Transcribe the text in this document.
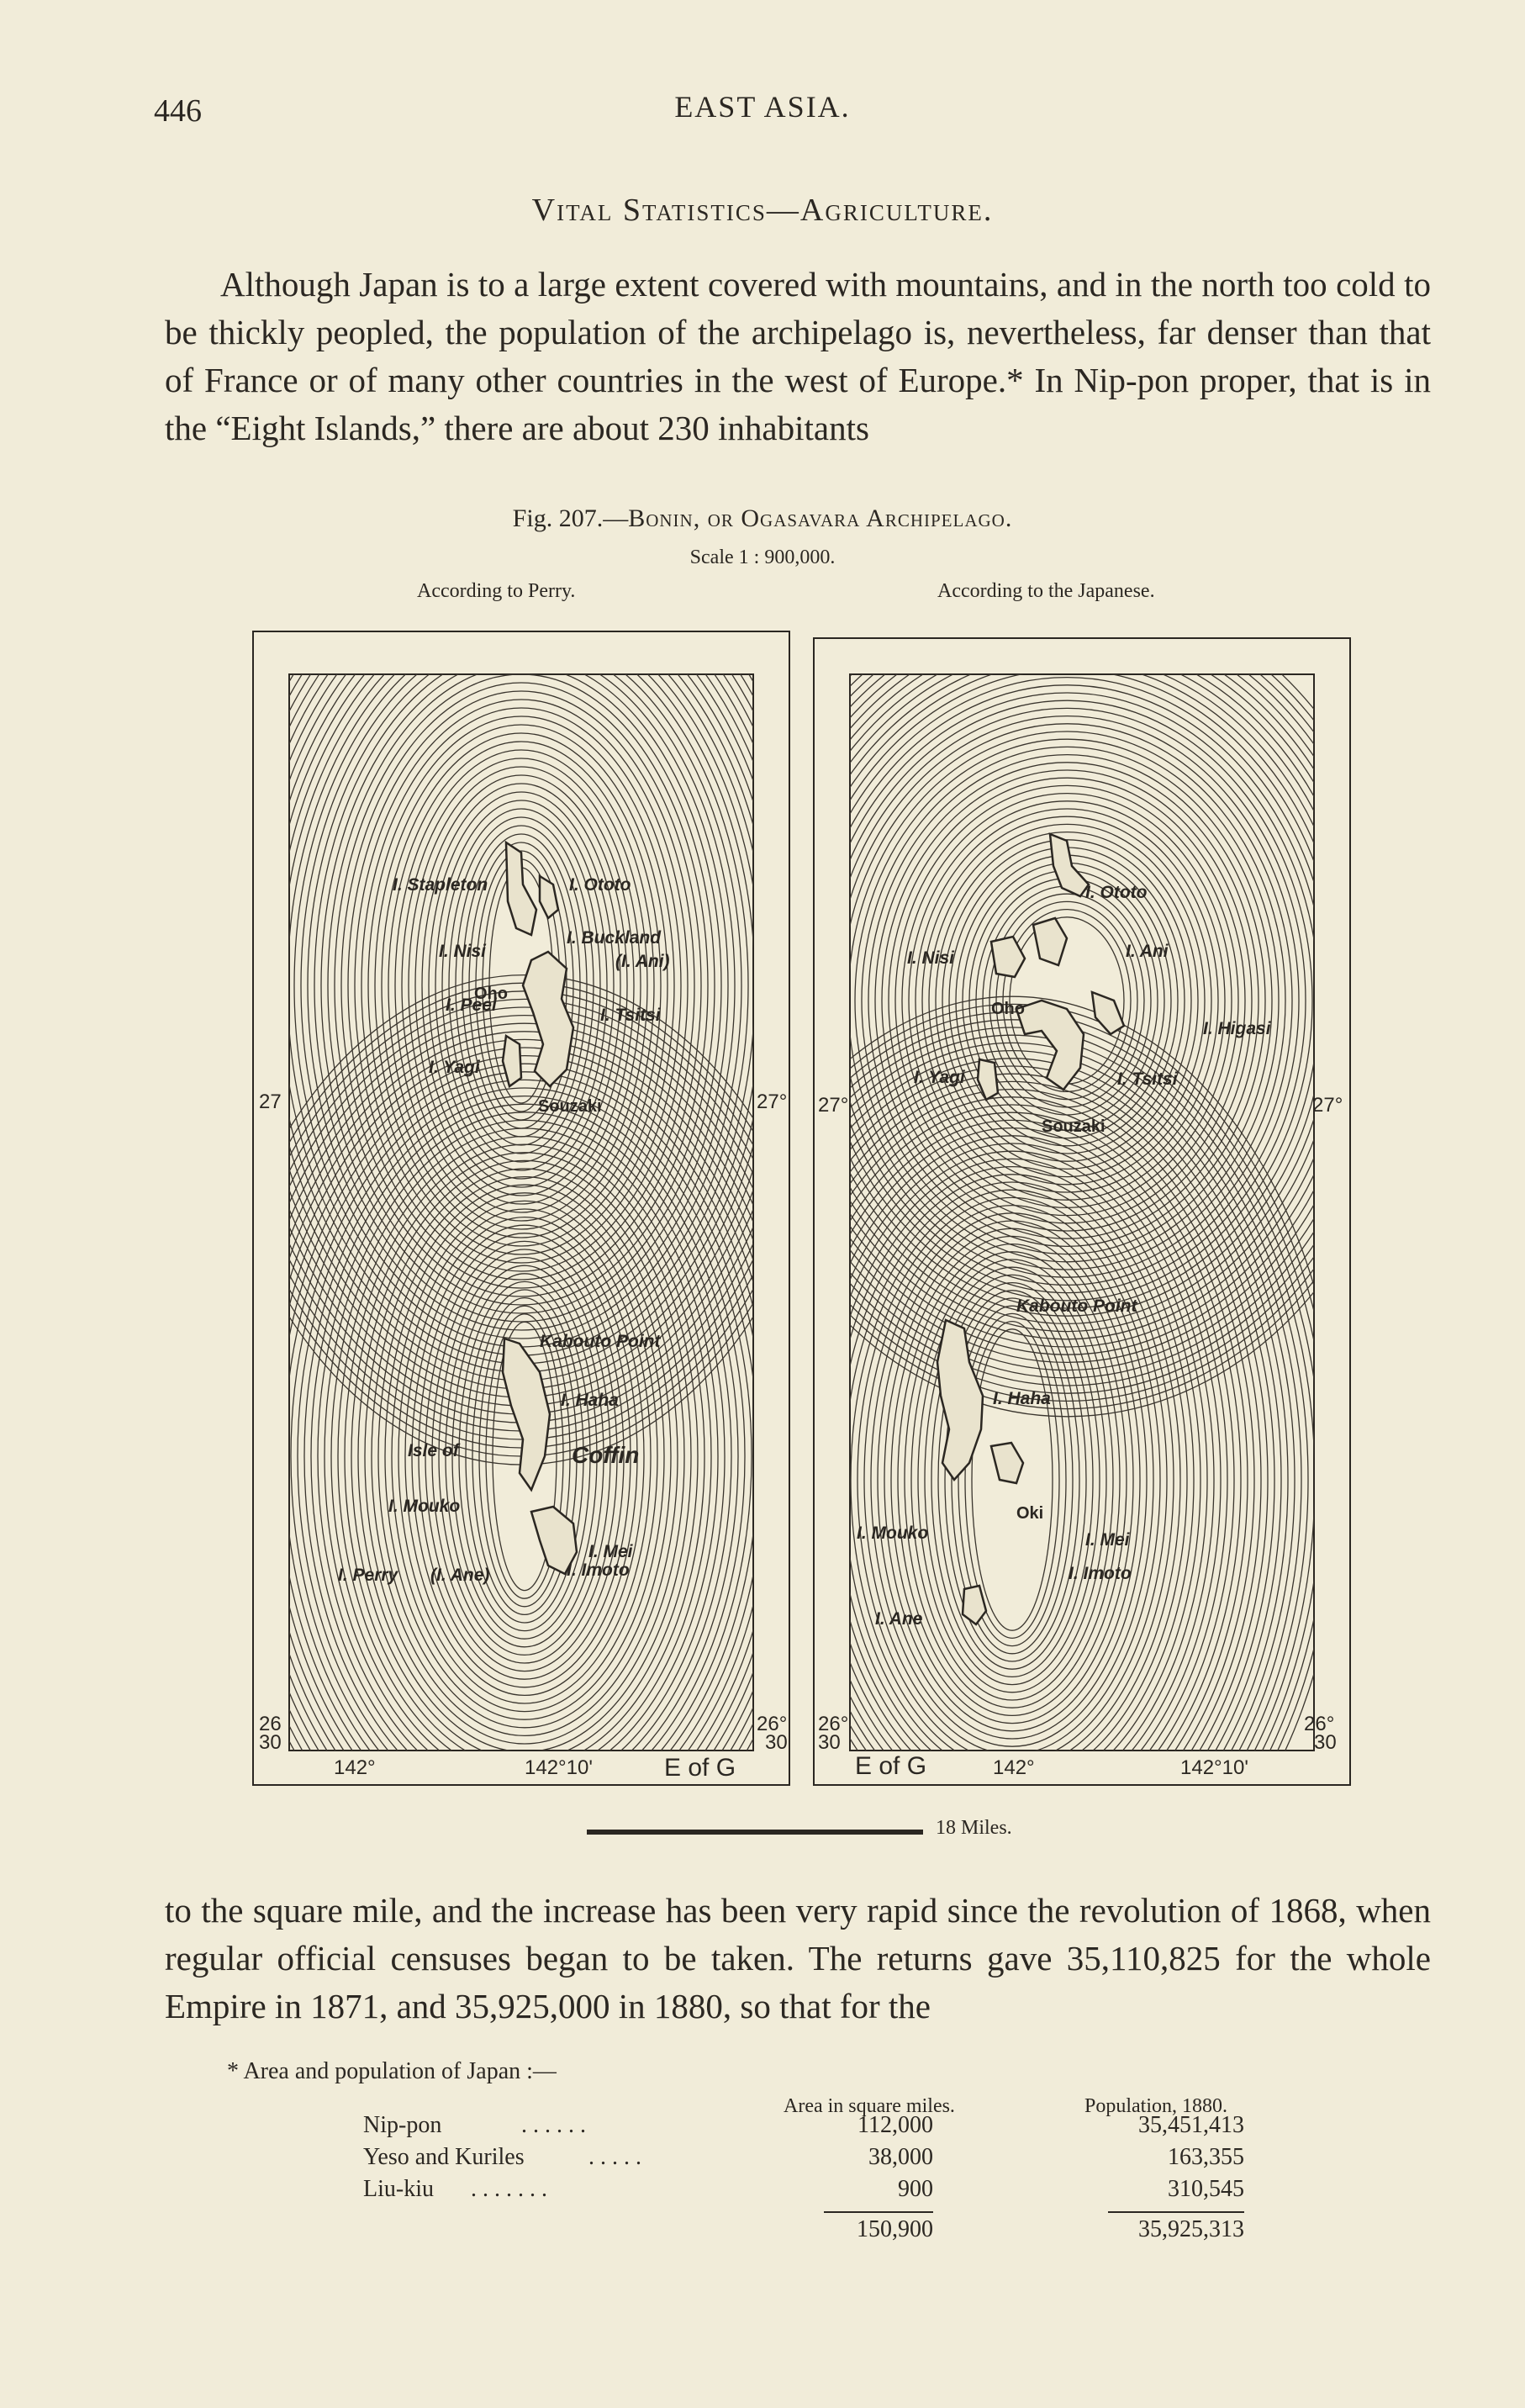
446	EAST ASIA.
Vital Statistics—Agriculture.
Although Japan is to a large extent covered with mountains, and in the north too cold to be thickly peopled, the population of the archipelago is, nevertheless, far denser than that of France or of many other countries in the west of Europe.* In Nip-pon proper, that is in the “Eight Islands,” there are about 230 inhabitants
Fig. 207.—Bonin, or Ogasavara Archipelago.
Scale 1 : 900,000.
According to Perry.	According to the Japanese.
I. Stapleton	I. Ototo
I. Nisi
I. Buckland
(I. Ani)
I. Peel
I. Tsitsi
I. Yagi
Kabouto Point
I. Haha
Isle of	Coffin
I. Mouko
I. Mei
I. Perry (I. Ane)	I. Imoto
Oho
Souzaki
27	27°
26
30
26°
30
142°	142°10'	E of G
I. Ototo
I. Nisi	I. Ani
I. Higasi
I. Yagi	I. Tsitsi
Kabouto Point
I. Haha
I. Mouko	I. Mei
I. Imoto
I. Ane
Oho
Souzaki
Oki
27°	27°
26°
30
26°
30
E of G	142°	142°10'
18 Miles.
to the square mile, and the increase has been very rapid since the revolution of 1868, when regular official censuses began to be taken. The returns gave 35,110,825 for the whole Empire in 1871, and 35,925,000 in 1880, so that for the
* Area and population of Japan :—
Area in square miles.	Population, 1880.
Nip-pon	. . . . . .	112,000	35,451,413
Yeso and Kuriles	. . . . .	38,000	163,355
Liu-kiu . . . . . . .	900	310,545
150,900	35,925,313
